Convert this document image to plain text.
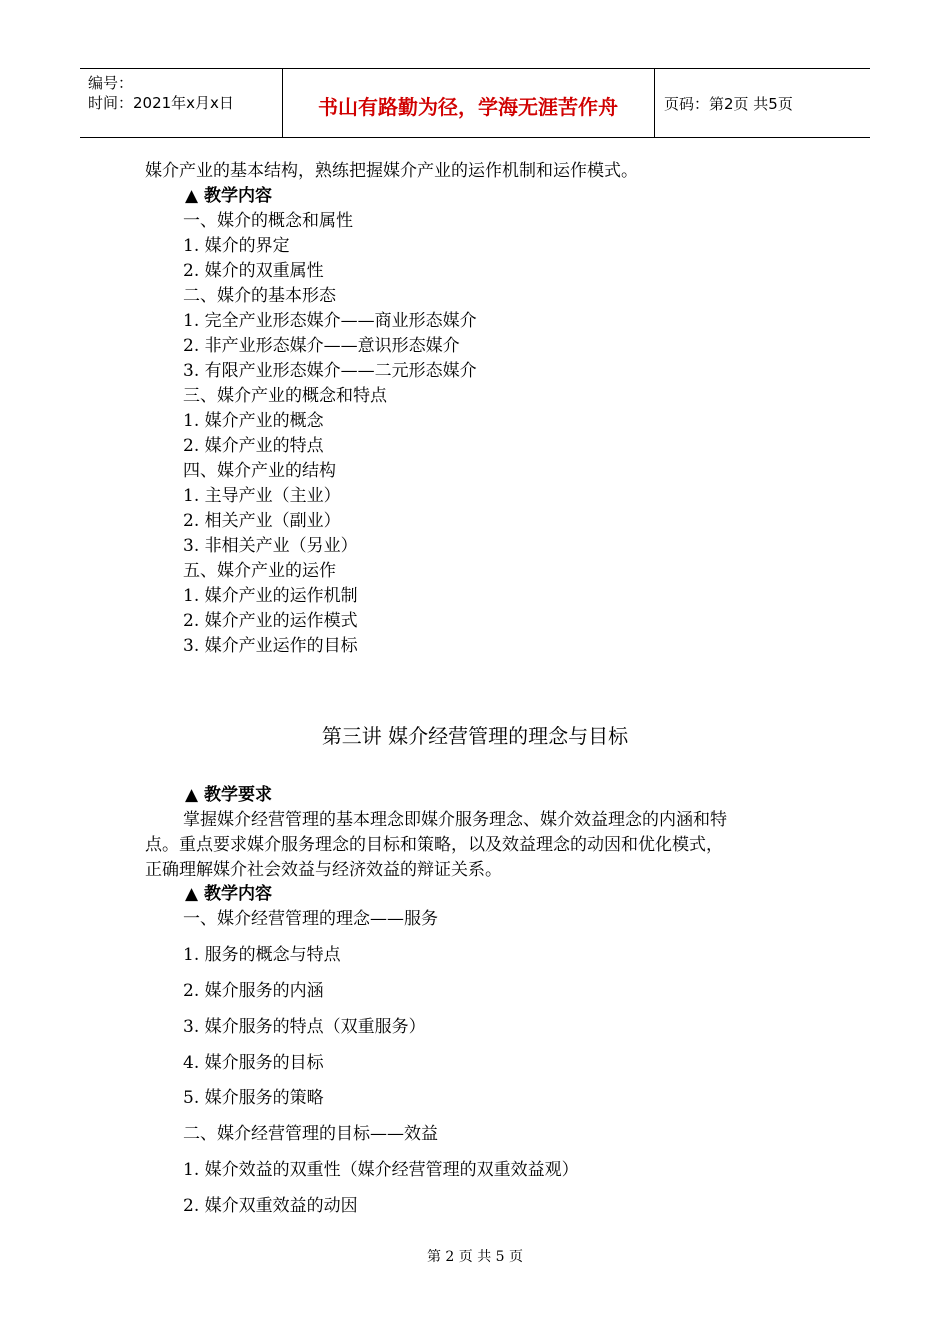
编号：
时间：2021年x月x日	书山有路勤为径，学海无涯苦作舟	页码：第2页 共5页
媒介产业的基本结构，熟练把握媒介产业的运作机制和运作模式。
▲ 教学内容
一、媒介的概念和属性
1. 媒介的界定
2. 媒介的双重属性
二、媒介的基本形态
1. 完全产业形态媒介——商业形态媒介
2. 非产业形态媒介——意识形态媒介
3. 有限产业形态媒介——二元形态媒介
三、媒介产业的概念和特点
1. 媒介产业的概念
2. 媒介产业的特点
四、媒介产业的结构
1. 主导产业（主业）
2. 相关产业（副业）
3. 非相关产业（另业）
五、媒介产业的运作
1. 媒介产业的运作机制
2. 媒介产业的运作模式
3. 媒介产业运作的目标
第三讲 媒介经营管理的理念与目标
▲ 教学要求
掌握媒介经营管理的基本理念即媒介服务理念、媒介效益理念的内涵和特
点。重点要求媒介服务理念的目标和策略，以及效益理念的动因和优化模式，
正确理解媒介社会效益与经济效益的辩证关系。
▲ 教学内容
一、媒介经营管理的理念——服务
1. 服务的概念与特点
2. 媒介服务的内涵
3. 媒介服务的特点（双重服务）
4. 媒介服务的目标
5. 媒介服务的策略
二、媒介经营管理的目标——效益
1. 媒介效益的双重性（媒介经营管理的双重效益观）
2. 媒介双重效益的动因
第 2 页 共 5 页
